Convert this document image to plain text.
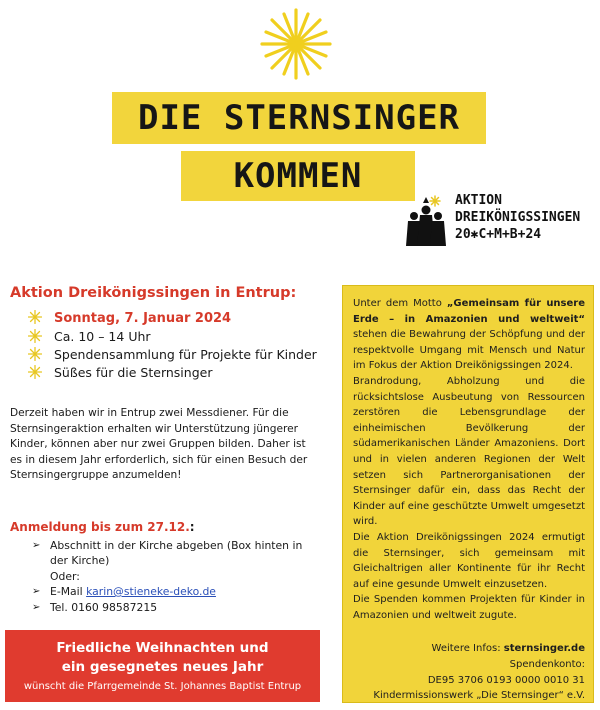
DIE STERNSINGER
KOMMEN
AKTION
DREIKÖNIGSSINGEN
20✱C+M+B+24
Aktion Dreikönigssingen in Entrup:
Sonntag, 7. Januar 2024
Ca. 10 – 14 Uhr
Spendensammlung für Projekte für Kinder
Süßes für die Sternsinger

Derzeit haben wir in Entrup zwei Messdiener. Für die Sternsingeraktion erhalten wir Unterstützung jüngerer Kinder, können aber nur zwei Gruppen bilden. Daher ist es in diesem Jahr erforderlich, sich für einen Besuch der Sternsingergruppe anzumelden!

Anmeldung bis zum 27.12.:

➢ Abschnitt in der Kirche abgeben (Box hinten in der Kirche)
Oder:
➢ E-Mail karin@stieneke-deko.de
➢ Tel. 0160 98587215
Friedliche Weihnachten und
ein gesegnetes neues Jahr
wünscht die Pfarrgemeinde St. Johannes Baptist Entrup

Unter dem Motto „Gemeinsam für unsere Erde – in Amazonien und weltweit“ stehen die Bewahrung der Schöpfung und der respektvolle Umgang mit Mensch und Natur im Fokus der Aktion Dreikönigssingen 2024.

Brandrodung, Abholzung und die rücksichtslose Ausbeutung von Ressourcen zerstören die Lebensgrundlage der einheimischen Bevölkerung der südamerikanischen Länder Amazoniens. Dort und in vielen anderen Regionen der Welt setzen sich Partnerorganisationen der Sternsinger dafür ein, dass das Recht der Kinder auf eine geschützte Umwelt umgesetzt wird.

Die Aktion Dreikönigssingen 2024 ermutigt die Sternsinger, sich gemeinsam mit Gleichaltrigen aller Kontinente für ihr Recht auf eine gesunde Umwelt einzusetzen.

Die Spenden kommen Projekten für Kinder in Amazonien und weltweit zugute.

Weitere Infos: sternsinger.de

Spendenkonto:

DE95 3706 0193 0000 0010 31

Kindermissionswerk „Die Sternsinger“ e.V.
